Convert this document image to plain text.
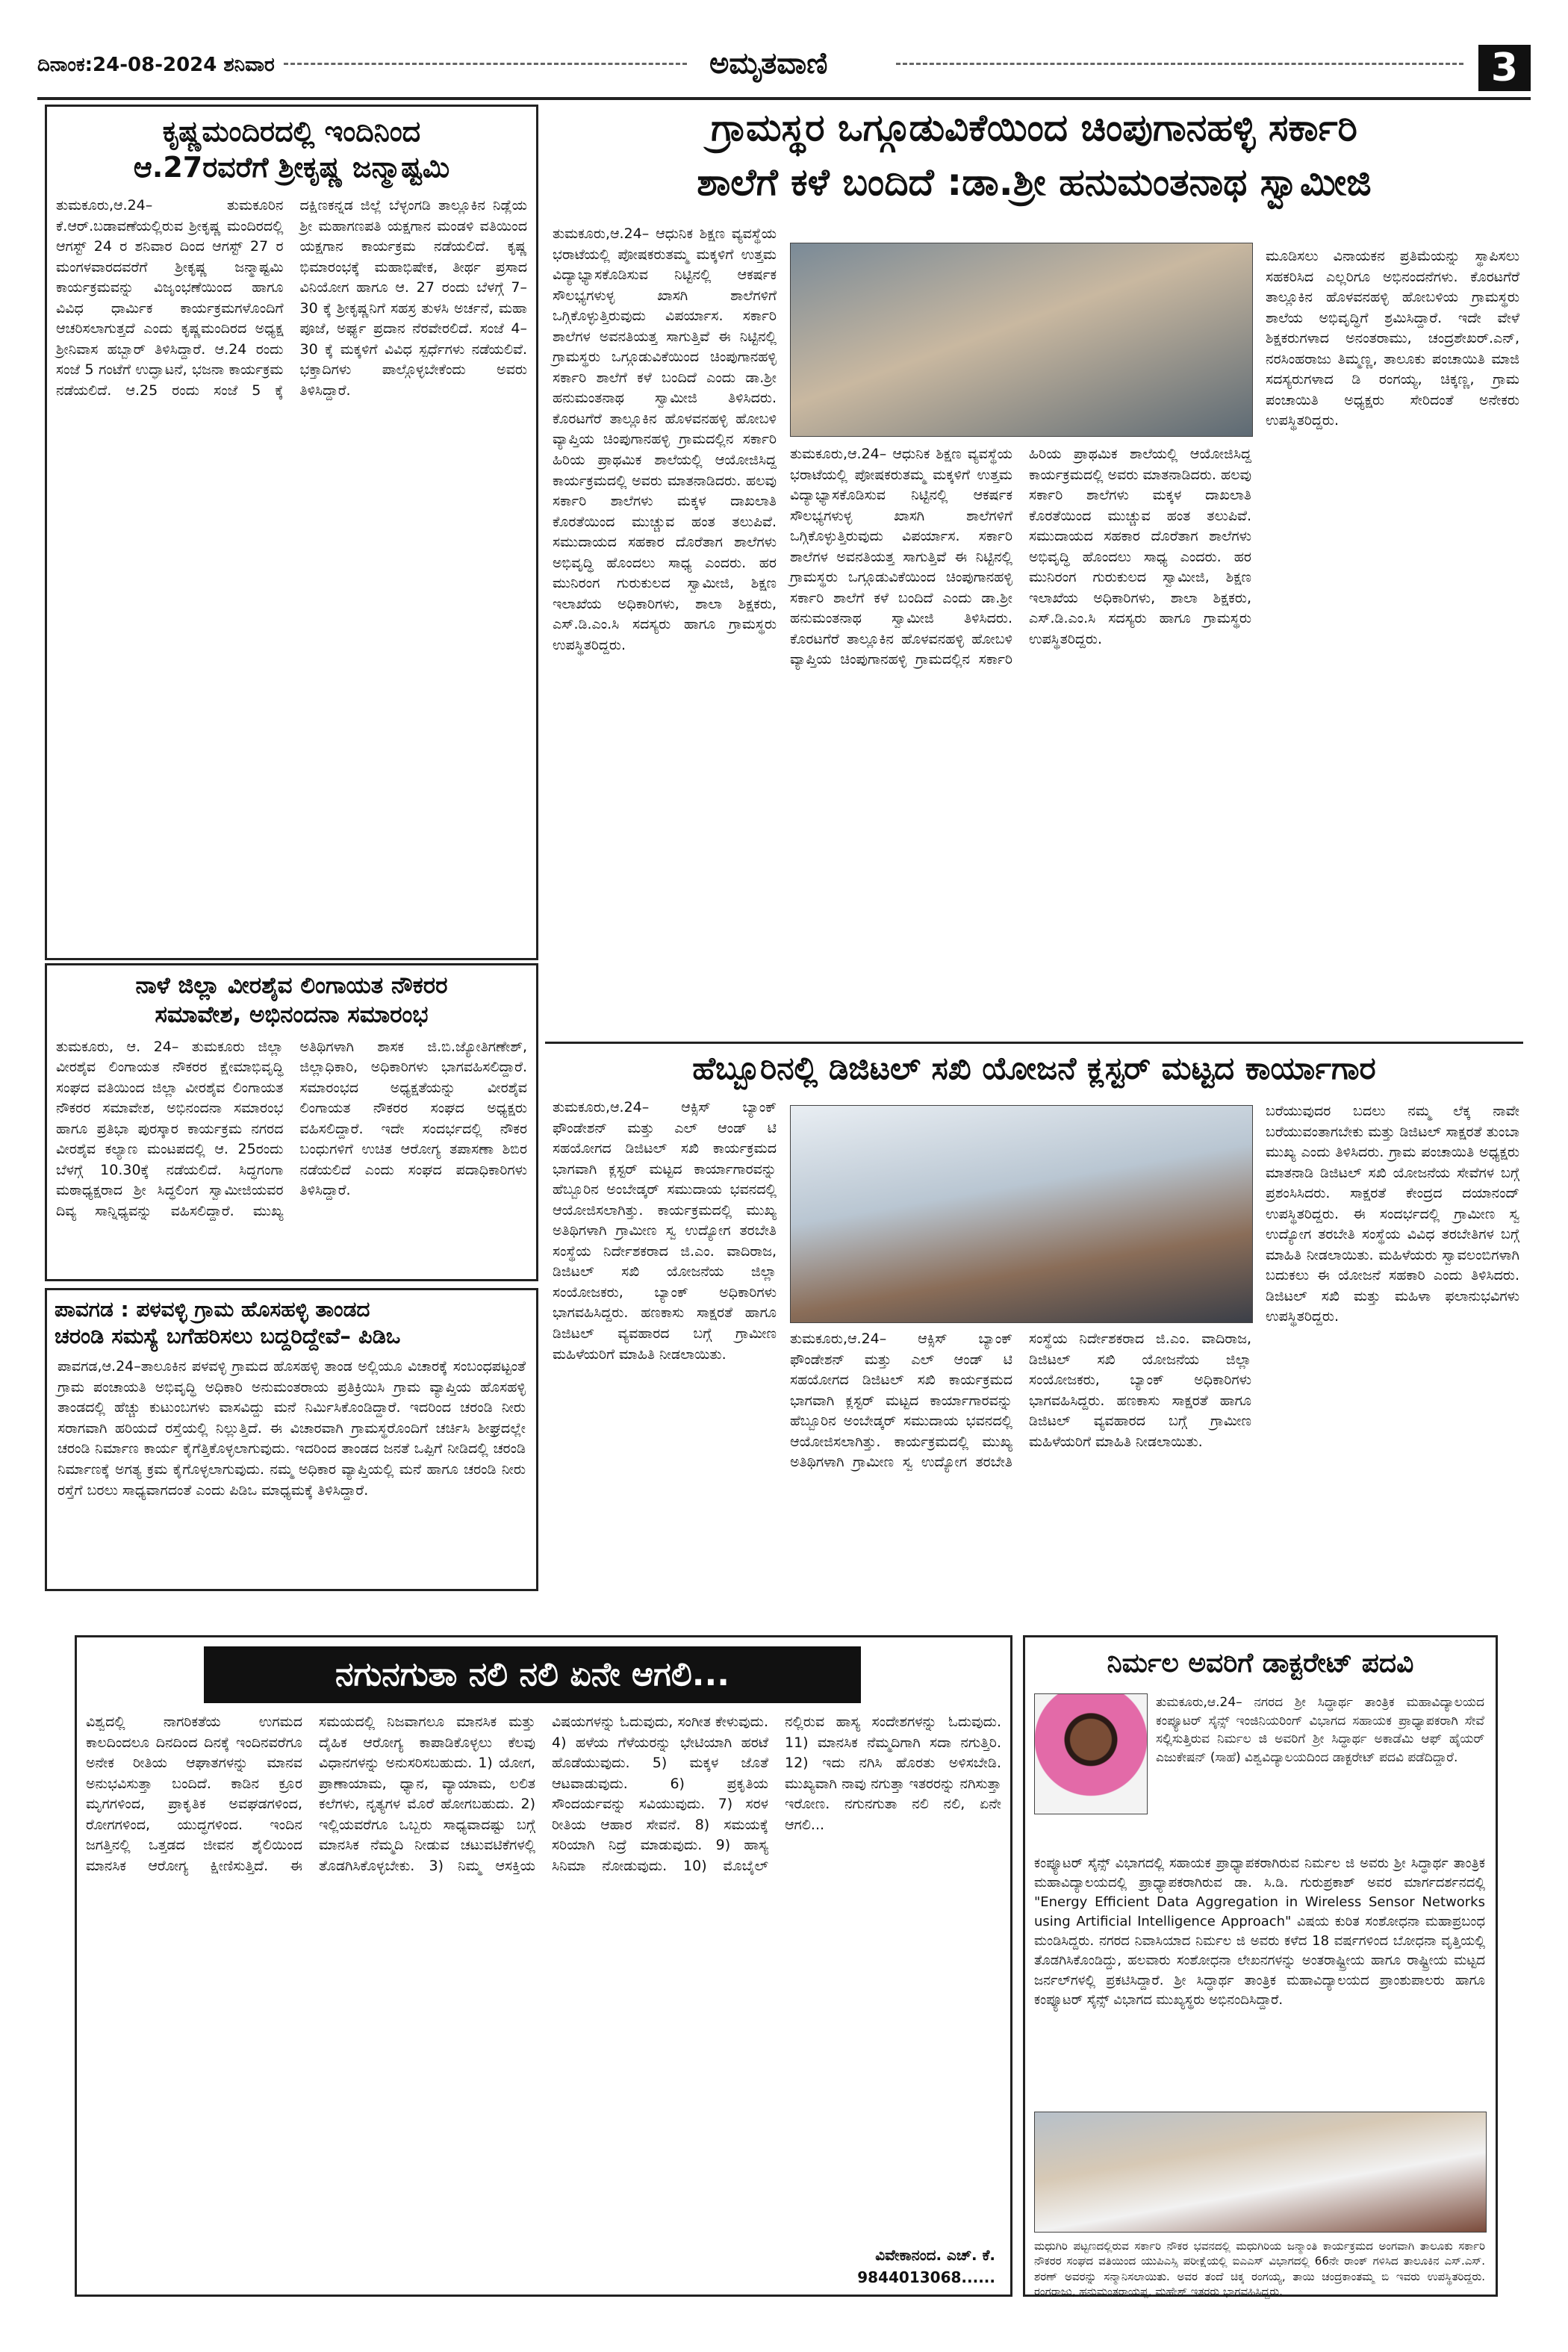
ದಿನಾಂಕ:24-08-2024 ಶನಿವಾರ	ಅಮೃತವಾಣಿ	3
ಕೃಷ್ಣಮಂದಿರದಲ್ಲಿ ಇಂದಿನಿಂದ
ಆ.27ರವರೆಗೆ ಶ್ರೀಕೃಷ್ಣ ಜನ್ಮಾಷ್ಟಮಿ
ತುಮಕೂರು,ಆ.24– ತುಮಕೂರಿನ ಕೆ.ಆರ್.ಬಡಾವಣೆಯಲ್ಲಿರುವ ಶ್ರೀಕೃಷ್ಣ ಮಂದಿರದಲ್ಲಿ ಆಗಸ್ಟ್ 24 ರ ಶನಿವಾರ ದಿಂದ ಆಗಸ್ಟ್ 27 ರ ಮಂಗಳವಾರದವರೆಗೆ ಶ್ರೀಕೃಷ್ಣ ಜನ್ಮಾಷ್ಟಮಿ ಕಾರ್ಯಕ್ರಮವನ್ನು ವಿಜೃಂಭಣೆಯಿಂದ ಹಾಗೂ ವಿವಿಧ ಧಾರ್ಮಿಕ ಕಾರ್ಯಕ್ರಮಗಳೊಂದಿಗೆ ಆಚರಿಸಲಾಗುತ್ತದೆ ಎಂದು ಕೃಷ್ಣಮಂದಿರದ ಅಧ್ಯಕ್ಷ ಶ್ರೀನಿವಾಸ ಹಬ್ಬಾರ್ ತಿಳಿಸಿದ್ದಾರೆ. ಆ.24 ರಂದು ಸಂಜೆ 5 ಗಂಟೆಗೆ ಉದ್ಘಾಟನೆ, ಭಜನಾ ಕಾರ್ಯಕ್ರಮ ನಡೆಯಲಿದೆ. ಆ.25 ರಂದು ಸಂಜೆ 5 ಕ್ಕೆ ದಕ್ಷಿಣಕನ್ನಡ ಜಿಲ್ಲೆ ಬೆಳ್ಳಂಗಡಿ ತಾಲ್ಲೂಕಿನ ನಿಡ್ಲೆಯ ಶ್ರೀ ಮಹಾಗಣಪತಿ ಯಕ್ಷಗಾನ ಮಂಡಳಿ ವತಿಯಿಂದ ಯಕ್ಷಗಾನ ಕಾರ್ಯಕ್ರಮ ನಡೆಯಲಿದೆ. ಕೃಷ್ಣ ಭಿಮಾರಂಭಕ್ಕೆ ಮಹಾಭಿಷೇಕ, ತೀರ್ಥ ಪ್ರಸಾದ ವಿನಿಯೋಗ ಹಾಗೂ ಆ. 27 ರಂದು ಬೆಳಗ್ಗೆ 7–30 ಕ್ಕೆ ಶ್ರೀಕೃಷ್ಣನಿಗೆ ಸಹಸ್ರ ತುಳಸಿ ಅರ್ಚನೆ, ಮಹಾ ಪೂಜೆ, ಅರ್ಘ್ಯ ಪ್ರದಾನ ನೆರವೇರಲಿದೆ. ಸಂಜೆ 4–30 ಕ್ಕೆ ಮಕ್ಕಳಿಗೆ ವಿವಿಧ ಸ್ಪರ್ಧೆಗಳು ನಡೆಯಲಿವೆ. ಭಕ್ತಾದಿಗಳು ಪಾಲ್ಗೊಳ್ಳಬೇಕೆಂದು ಅವರು ತಿಳಿಸಿದ್ದಾರೆ.
ನಾಳೆ ಜಿಲ್ಲಾ ವೀರಶೈವ ಲಿಂಗಾಯತ ನೌಕರರ
ಸಮಾವೇಶ, ಅಭಿನಂದನಾ ಸಮಾರಂಭ
ತುಮಕೂರು, ಆ. 24– ತುಮಕೂರು ಜಿಲ್ಲಾ ವೀರಶೈವ ಲಿಂಗಾಯತ ನೌಕರರ ಕ್ಷೇಮಾಭಿವೃದ್ಧಿ ಸಂಘದ ವತಿಯಿಂದ ಜಿಲ್ಲಾ ವೀರಶೈವ ಲಿಂಗಾಯತ ನೌಕರರ ಸಮಾವೇಶ, ಅಭಿನಂದನಾ ಸಮಾರಂಭ ಹಾಗೂ ಪ್ರತಿಭಾ ಪುರಸ್ಕಾರ ಕಾರ್ಯಕ್ರಮ ನಗರದ ವೀರಶೈವ ಕಲ್ಯಾಣ ಮಂಟಪದಲ್ಲಿ ಆ. 25ರಂದು ಬೆಳಗ್ಗೆ 10.30ಕ್ಕೆ ನಡೆಯಲಿದೆ. ಸಿದ್ಧಗಂಗಾ ಮಠಾಧ್ಯಕ್ಷರಾದ ಶ್ರೀ ಸಿದ್ಧಲಿಂಗ ಸ್ವಾಮೀಜಿಯವರ ದಿವ್ಯ ಸಾನ್ನಿಧ್ಯವನ್ನು ವಹಿಸಲಿದ್ದಾರೆ. ಮುಖ್ಯ ಅತಿಥಿಗಳಾಗಿ ಶಾಸಕ ಜಿ.ಬಿ.ಜ್ಯೋತಿಗಣೇಶ್, ಜಿಲ್ಲಾಧಿಕಾರಿ, ಅಧಿಕಾರಿಗಳು ಭಾಗವಹಿಸಲಿದ್ದಾರೆ. ಸಮಾರಂಭದ ಅಧ್ಯಕ್ಷತೆಯನ್ನು ವೀರಶೈವ ಲಿಂಗಾಯತ ನೌಕರರ ಸಂಘದ ಅಧ್ಯಕ್ಷರು ವಹಿಸಲಿದ್ದಾರೆ. ಇದೇ ಸಂದರ್ಭದಲ್ಲಿ ನೌಕರ ಬಂಧುಗಳಿಗೆ ಉಚಿತ ಆರೋಗ್ಯ ತಪಾಸಣಾ ಶಿಬಿರ ನಡೆಯಲಿದೆ ಎಂದು ಸಂಘದ ಪದಾಧಿಕಾರಿಗಳು ತಿಳಿಸಿದ್ದಾರೆ.
ಪಾವಗಡ : ಪಳವಳ್ಳಿ ಗ್ರಾಮ ಹೊಸಹಳ್ಳಿ ತಾಂಡದ
ಚರಂಡಿ ಸಮಸ್ಯೆ ಬಗೆಹರಿಸಲು ಬದ್ದರಿದ್ದೇವೆ– ಪಿಡಿಒ
ಪಾವಗಡ,ಆ.24–ತಾಲೂಕಿನ ಪಳವಳ್ಳಿ ಗ್ರಾಮದ ಹೊಸಹಳ್ಳಿ ತಾಂಡ ಅಲ್ಲಿಯೂ ವಿಚಾರಕ್ಕೆ ಸಂಬಂಧಪಟ್ಟಂತೆ ಗ್ರಾಮ ಪಂಚಾಯತಿ ಅಭಿವೃದ್ಧಿ ಅಧಿಕಾರಿ ಅನುಮಂತರಾಯ ಪ್ರತಿಕ್ರಿಯಿಸಿ ಗ್ರಾಮ ವ್ಯಾಪ್ತಿಯ ಹೊಸಹಳ್ಳಿ ತಾಂಡದಲ್ಲಿ ಹೆಚ್ಚು ಕುಟುಂಬಗಳು ವಾಸವಿದ್ದು ಮನೆ ನಿರ್ಮಿಸಿಕೊಂಡಿದ್ದಾರೆ. ಇದರಿಂದ ಚರಂಡಿ ನೀರು ಸರಾಗವಾಗಿ ಹರಿಯದೆ ರಸ್ತೆಯಲ್ಲಿ ನಿಲ್ಲುತ್ತಿದೆ. ಈ ವಿಚಾರವಾಗಿ ಗ್ರಾಮಸ್ಥರೊಂದಿಗೆ ಚರ್ಚಿಸಿ ಶೀಘ್ರದಲ್ಲೇ ಚರಂಡಿ ನಿರ್ಮಾಣ ಕಾರ್ಯ ಕೈಗೆತ್ತಿಕೊಳ್ಳಲಾಗುವುದು. ಇದರಿಂದ ತಾಂಡದ ಜನತೆ ಒಪ್ಪಿಗೆ ನೀಡಿದಲ್ಲಿ ಚರಂಡಿ ನಿರ್ಮಾಣಕ್ಕೆ ಅಗತ್ಯ ಕ್ರಮ ಕೈಗೊಳ್ಳಲಾಗುವುದು. ನಮ್ಮ ಅಧಿಕಾರ ವ್ಯಾಪ್ತಿಯಲ್ಲಿ ಮನೆ ಹಾಗೂ ಚರಂಡಿ ನೀರು ರಸ್ತೆಗೆ ಬರಲು ಸಾಧ್ಯವಾಗದಂತೆ ಎಂದು ಪಿಡಿಒ ಮಾಧ್ಯಮಕ್ಕೆ ತಿಳಿಸಿದ್ದಾರೆ.
ಗ್ರಾಮಸ್ಥರ ಒಗ್ಗೂಡುವಿಕೆಯಿಂದ ಚಿಂಪುಗಾನಹಳ್ಳಿ ಸರ್ಕಾರಿ
ಶಾಲೆಗೆ ಕಳೆ ಬಂದಿದೆ :ಡಾ.ಶ್ರೀ ಹನುಮಂತನಾಥ ಸ್ವಾಮೀಜಿ
ತುಮಕೂರು,ಆ.24– ಆಧುನಿಕ ಶಿಕ್ಷಣ ವ್ಯವಸ್ಥೆಯ ಭರಾಟೆಯಲ್ಲಿ ಪೋಷಕರುತಮ್ಮ ಮಕ್ಕಳಿಗೆ ಉತ್ತಮ ವಿದ್ಯಾಭ್ಯಾಸಕೊಡಿಸುವ ನಿಟ್ಟಿನಲ್ಲಿ ಆಕರ್ಷಕ ಸೌಲಭ್ಯಗಳುಳ್ಳ ಖಾಸಗಿ ಶಾಲೆಗಳಿಗೆ ಒಗ್ಗಿಕೊಳ್ಳುತ್ತಿರುವುದು ವಿಪರ್ಯಾಸ. ಸರ್ಕಾರಿ ಶಾಲೆಗಳ ಅವನತಿಯತ್ತ ಸಾಗುತ್ತಿವೆ ಈ ನಿಟ್ಟಿನಲ್ಲಿ ಗ್ರಾಮಸ್ಥರು ಒಗ್ಗೂಡುವಿಕೆಯಿಂದ ಚಿಂಪುಗಾನಹಳ್ಳಿ ಸರ್ಕಾರಿ ಶಾಲೆಗೆ ಕಳೆ ಬಂದಿದೆ ಎಂದು ಡಾ.ಶ್ರೀ ಹನುಮಂತನಾಥ ಸ್ವಾಮೀಜಿ ತಿಳಿಸಿದರು. ಕೊರಟಗೆರೆ ತಾಲ್ಲೂಕಿನ ಹೊಳವನಹಳ್ಳಿ ಹೋಬಳಿ ವ್ಯಾಪ್ತಿಯ ಚಿಂಪುಗಾನಹಳ್ಳಿ ಗ್ರಾಮದಲ್ಲಿನ ಸರ್ಕಾರಿ ಹಿರಿಯ ಪ್ರಾಥಮಿಕ ಶಾಲೆಯಲ್ಲಿ ಆಯೋಜಿಸಿದ್ದ ಕಾರ್ಯಕ್ರಮದಲ್ಲಿ ಅವರು ಮಾತನಾಡಿದರು. ಹಲವು ಸರ್ಕಾರಿ ಶಾಲೆಗಳು ಮಕ್ಕಳ ದಾಖಲಾತಿ ಕೊರತೆಯಿಂದ ಮುಚ್ಚುವ ಹಂತ ತಲುಪಿವೆ. ಸಮುದಾಯದ ಸಹಕಾರ ದೊರೆತಾಗ ಶಾಲೆಗಳು ಅಭಿವೃದ್ಧಿ ಹೊಂದಲು ಸಾಧ್ಯ ಎಂದರು. ಹರ ಮುನಿರಂಗ ಗುರುಕುಲದ ಸ್ವಾಮೀಜಿ, ಶಿಕ್ಷಣ ಇಲಾಖೆಯ ಅಧಿಕಾರಿಗಳು, ಶಾಲಾ ಶಿಕ್ಷಕರು, ಎಸ್.ಡಿ.ಎಂ.ಸಿ ಸದಸ್ಯರು ಹಾಗೂ ಗ್ರಾಮಸ್ಥರು ಉಪಸ್ಥಿತರಿದ್ದರು.
ತುಮಕೂರು,ಆ.24– ಆಧುನಿಕ ಶಿಕ್ಷಣ ವ್ಯವಸ್ಥೆಯ ಭರಾಟೆಯಲ್ಲಿ ಪೋಷಕರುತಮ್ಮ ಮಕ್ಕಳಿಗೆ ಉತ್ತಮ ವಿದ್ಯಾಭ್ಯಾಸಕೊಡಿಸುವ ನಿಟ್ಟಿನಲ್ಲಿ ಆಕರ್ಷಕ ಸೌಲಭ್ಯಗಳುಳ್ಳ ಖಾಸಗಿ ಶಾಲೆಗಳಿಗೆ ಒಗ್ಗಿಕೊಳ್ಳುತ್ತಿರುವುದು ವಿಪರ್ಯಾಸ. ಸರ್ಕಾರಿ ಶಾಲೆಗಳ ಅವನತಿಯತ್ತ ಸಾಗುತ್ತಿವೆ ಈ ನಿಟ್ಟಿನಲ್ಲಿ ಗ್ರಾಮಸ್ಥರು ಒಗ್ಗೂಡುವಿಕೆಯಿಂದ ಚಿಂಪುಗಾನಹಳ್ಳಿ ಸರ್ಕಾರಿ ಶಾಲೆಗೆ ಕಳೆ ಬಂದಿದೆ ಎಂದು ಡಾ.ಶ್ರೀ ಹನುಮಂತನಾಥ ಸ್ವಾಮೀಜಿ ತಿಳಿಸಿದರು. ಕೊರಟಗೆರೆ ತಾಲ್ಲೂಕಿನ ಹೊಳವನಹಳ್ಳಿ ಹೋಬಳಿ ವ್ಯಾಪ್ತಿಯ ಚಿಂಪುಗಾನಹಳ್ಳಿ ಗ್ರಾಮದಲ್ಲಿನ ಸರ್ಕಾರಿ ಹಿರಿಯ ಪ್ರಾಥಮಿಕ ಶಾಲೆಯಲ್ಲಿ ಆಯೋಜಿಸಿದ್ದ ಕಾರ್ಯಕ್ರಮದಲ್ಲಿ ಅವರು ಮಾತನಾಡಿದರು. ಹಲವು ಸರ್ಕಾರಿ ಶಾಲೆಗಳು ಮಕ್ಕಳ ದಾಖಲಾತಿ ಕೊರತೆಯಿಂದ ಮುಚ್ಚುವ ಹಂತ ತಲುಪಿವೆ. ಸಮುದಾಯದ ಸಹಕಾರ ದೊರೆತಾಗ ಶಾಲೆಗಳು ಅಭಿವೃದ್ಧಿ ಹೊಂದಲು ಸಾಧ್ಯ ಎಂದರು. ಹರ ಮುನಿರಂಗ ಗುರುಕುಲದ ಸ್ವಾಮೀಜಿ, ಶಿಕ್ಷಣ ಇಲಾಖೆಯ ಅಧಿಕಾರಿಗಳು, ಶಾಲಾ ಶಿಕ್ಷಕರು, ಎಸ್.ಡಿ.ಎಂ.ಸಿ ಸದಸ್ಯರು ಹಾಗೂ ಗ್ರಾಮಸ್ಥರು ಉಪಸ್ಥಿತರಿದ್ದರು.
ಮೂಡಿಸಲು ವಿನಾಯಕನ ಪ್ರತಿಮೆಯನ್ನು ಸ್ಥಾಪಿಸಲು ಸಹಕರಿಸಿದ ಎಲ್ಲರಿಗೂ ಅಭಿನಂದನೆಗಳು. ಕೊರಟಗೆರೆ ತಾಲ್ಲೂಕಿನ ಹೊಳವನಹಳ್ಳಿ ಹೋಬಳಿಯ ಗ್ರಾಮಸ್ಥರು ಶಾಲೆಯ ಅಭಿವೃದ್ಧಿಗೆ ಶ್ರಮಿಸಿದ್ದಾರೆ. ಇದೇ ವೇಳೆ ಶಿಕ್ಷಕರುಗಳಾದ ಅನಂತರಾಮು, ಚಂದ್ರಶೇಖರ್.ಎನ್, ನರಸಿಂಹರಾಜು ತಿಮ್ಮಣ್ಣ, ತಾಲೂಕು ಪಂಚಾಯಿತಿ ಮಾಜಿ ಸದಸ್ಯರುಗಳಾದ ಡಿ ರಂಗಯ್ಯ, ಚಿಕ್ಕಣ್ಣ, ಗ್ರಾಮ ಪಂಚಾಯಿತಿ ಅಧ್ಯಕ್ಷರು ಸೇರಿದಂತೆ ಅನೇಕರು ಉಪಸ್ಥಿತರಿದ್ದರು.
ಹೆಬ್ಬೂರಿನಲ್ಲಿ ಡಿಜಿಟಲ್ ಸಖಿ ಯೋಜನೆ ಕ್ಲಸ್ಟರ್ ಮಟ್ಟದ ಕಾರ್ಯಾಗಾರ
ತುಮಕೂರು,ಆ.24– ಆಕ್ಸಿಸ್ ಬ್ಯಾಂಕ್ ಫೌಂಡೇಶನ್ ಮತ್ತು ಎಲ್ ಆಂಡ್ ಟಿ ಸಹಯೋಗದ ಡಿಜಿಟಲ್ ಸಖಿ ಕಾರ್ಯಕ್ರಮದ ಭಾಗವಾಗಿ ಕ್ಲಸ್ಟರ್ ಮಟ್ಟದ ಕಾರ್ಯಾಗಾರವನ್ನು ಹೆಬ್ಬೂರಿನ ಅಂಬೇಡ್ಕರ್ ಸಮುದಾಯ ಭವನದಲ್ಲಿ ಆಯೋಜಿಸಲಾಗಿತ್ತು. ಕಾರ್ಯಕ್ರಮದಲ್ಲಿ ಮುಖ್ಯ ಅತಿಥಿಗಳಾಗಿ ಗ್ರಾಮೀಣ ಸ್ವ ಉದ್ಯೋಗ ತರಬೇತಿ ಸಂಸ್ಥೆಯ ನಿರ್ದೇಶಕರಾದ ಜಿ.ಎಂ. ವಾದಿರಾಜ, ಡಿಜಿಟಲ್ ಸಖಿ ಯೋಜನೆಯ ಜಿಲ್ಲಾ ಸಂಯೋಜಕರು, ಬ್ಯಾಂಕ್ ಅಧಿಕಾರಿಗಳು ಭಾಗವಹಿಸಿದ್ದರು. ಹಣಕಾಸು ಸಾಕ್ಷರತೆ ಹಾಗೂ ಡಿಜಿಟಲ್ ವ್ಯವಹಾರದ ಬಗ್ಗೆ ಗ್ರಾಮೀಣ ಮಹಿಳೆಯರಿಗೆ ಮಾಹಿತಿ ನೀಡಲಾಯಿತು.
ತುಮಕೂರು,ಆ.24– ಆಕ್ಸಿಸ್ ಬ್ಯಾಂಕ್ ಫೌಂಡೇಶನ್ ಮತ್ತು ಎಲ್ ಆಂಡ್ ಟಿ ಸಹಯೋಗದ ಡಿಜಿಟಲ್ ಸಖಿ ಕಾರ್ಯಕ್ರಮದ ಭಾಗವಾಗಿ ಕ್ಲಸ್ಟರ್ ಮಟ್ಟದ ಕಾರ್ಯಾಗಾರವನ್ನು ಹೆಬ್ಬೂರಿನ ಅಂಬೇಡ್ಕರ್ ಸಮುದಾಯ ಭವನದಲ್ಲಿ ಆಯೋಜಿಸಲಾಗಿತ್ತು. ಕಾರ್ಯಕ್ರಮದಲ್ಲಿ ಮುಖ್ಯ ಅತಿಥಿಗಳಾಗಿ ಗ್ರಾಮೀಣ ಸ್ವ ಉದ್ಯೋಗ ತರಬೇತಿ ಸಂಸ್ಥೆಯ ನಿರ್ದೇಶಕರಾದ ಜಿ.ಎಂ. ವಾದಿರಾಜ, ಡಿಜಿಟಲ್ ಸಖಿ ಯೋಜನೆಯ ಜಿಲ್ಲಾ ಸಂಯೋಜಕರು, ಬ್ಯಾಂಕ್ ಅಧಿಕಾರಿಗಳು ಭಾಗವಹಿಸಿದ್ದರು. ಹಣಕಾಸು ಸಾಕ್ಷರತೆ ಹಾಗೂ ಡಿಜಿಟಲ್ ವ್ಯವಹಾರದ ಬಗ್ಗೆ ಗ್ರಾಮೀಣ ಮಹಿಳೆಯರಿಗೆ ಮಾಹಿತಿ ನೀಡಲಾಯಿತು.
ಬರೆಯುವುದರ ಬದಲು ನಮ್ಮ ಲೆಕ್ಕ ನಾವೇ ಬರೆಯುವಂತಾಗಬೇಕು ಮತ್ತು ಡಿಜಿಟಲ್ ಸಾಕ್ಷರತೆ ತುಂಬಾ ಮುಖ್ಯ ಎಂದು ತಿಳಿಸಿದರು. ಗ್ರಾಮ ಪಂಚಾಯಿತಿ ಅಧ್ಯಕ್ಷರು ಮಾತನಾಡಿ ಡಿಜಿಟಲ್ ಸಖಿ ಯೋಜನೆಯ ಸೇವೆಗಳ ಬಗ್ಗೆ ಪ್ರಶಂಸಿಸಿದರು. ಸಾಕ್ಷರತೆ ಕೇಂದ್ರದ ದಯಾನಂದ್ ಉಪಸ್ಥಿತರಿದ್ದರು. ಈ ಸಂದರ್ಭದಲ್ಲಿ ಗ್ರಾಮೀಣ ಸ್ವ ಉದ್ಯೋಗ ತರಬೇತಿ ಸಂಸ್ಥೆಯ ವಿವಿಧ ತರಬೇತಿಗಳ ಬಗ್ಗೆ ಮಾಹಿತಿ ನೀಡಲಾಯಿತು. ಮಹಿಳೆಯರು ಸ್ವಾವಲಂಬಿಗಳಾಗಿ ಬದುಕಲು ಈ ಯೋಜನೆ ಸಹಕಾರಿ ಎಂದು ತಿಳಿಸಿದರು. ಡಿಜಿಟಲ್ ಸಖಿ ಮತ್ತು ಮಹಿಳಾ ಫಲಾನುಭವಿಗಳು ಉಪಸ್ಥಿತರಿದ್ದರು.
ನಗುನಗುತಾ ನಲಿ ನಲಿ ಏನೇ ಆಗಲಿ...
ವಿಶ್ವದಲ್ಲಿ ನಾಗರಿಕತೆಯ ಉಗಮದ ಕಾಲದಿಂದಲೂ ದಿನದಿಂದ ದಿನಕ್ಕೆ ಇಂದಿನವರೆಗೂ ಅನೇಕ ರೀತಿಯ ಆಘಾತಗಳನ್ನು ಮಾನವ ಅನುಭವಿಸುತ್ತಾ ಬಂದಿದೆ. ಕಾಡಿನ ಕ್ರೂರ ಮೃಗಗಳಿಂದ, ಪ್ರಾಕೃತಿಕ ಅವಘಡಗಳಿಂದ, ರೋಗಗಳಿಂದ, ಯುದ್ಧಗಳಿಂದ. ಇಂದಿನ ಜಗತ್ತಿನಲ್ಲಿ ಒತ್ತಡದ ಜೀವನ ಶೈಲಿಯಿಂದ ಮಾನಸಿಕ ಆರೋಗ್ಯ ಕ್ಷೀಣಿಸುತ್ತಿದೆ. ಈ ಸಮಯದಲ್ಲಿ ನಿಜವಾಗಲೂ ಮಾನಸಿಕ ಮತ್ತು ದೈಹಿಕ ಆರೋಗ್ಯ ಕಾಪಾಡಿಕೊಳ್ಳಲು ಕೆಲವು ವಿಧಾನಗಳನ್ನು ಅನುಸರಿಸಬಹುದು. 1) ಯೋಗ, ಪ್ರಾಣಾಯಾಮ, ಧ್ಯಾನ, ವ್ಯಾಯಾಮ, ಲಲಿತ ಕಲೆಗಳು, ನೃತ್ಯಗಳ ಮೊರೆ ಹೋಗಬಹುದು. 2) ಇಲ್ಲಿಯವರೆಗೂ ಒಬ್ಬರು ಸಾಧ್ಯವಾದಷ್ಟು ಬಗ್ಗೆ ಮಾನಸಿಕ ನೆಮ್ಮದಿ ನೀಡುವ ಚಟುವಟಿಕೆಗಳಲ್ಲಿ ತೊಡಗಿಸಿಕೊಳ್ಳಬೇಕು. 3) ನಿಮ್ಮ ಆಸಕ್ತಿಯ ವಿಷಯಗಳನ್ನು ಓದುವುದು, ಸಂಗೀತ ಕೇಳುವುದು. 4) ಹಳೆಯ ಗೆಳೆಯರನ್ನು ಭೇಟಿಯಾಗಿ ಹರಟೆ ಹೊಡೆಯುವುದು. 5) ಮಕ್ಕಳ ಜೊತೆ ಆಟವಾಡುವುದು. 6) ಪ್ರಕೃತಿಯ ಸೌಂದರ್ಯವನ್ನು ಸವಿಯುವುದು. 7) ಸರಳ ರೀತಿಯ ಆಹಾರ ಸೇವನೆ. 8) ಸಮಯಕ್ಕೆ ಸರಿಯಾಗಿ ನಿದ್ರೆ ಮಾಡುವುದು. 9) ಹಾಸ್ಯ ಸಿನಿಮಾ ನೋಡುವುದು. 10) ಮೊಬೈಲ್ ನಲ್ಲಿರುವ ಹಾಸ್ಯ ಸಂದೇಶಗಳನ್ನು ಓದುವುದು. 11) ಮಾನಸಿಕ ನೆಮ್ಮದಿಗಾಗಿ ಸದಾ ನಗುತ್ತಿರಿ. 12) ಇದು ನಗಿಸಿ ಹೊರತು ಅಳಿಸಬೇಡಿ. ಮುಖ್ಯವಾಗಿ ನಾವು ನಗುತ್ತಾ ಇತರರನ್ನು ನಗಿಸುತ್ತಾ ಇರೋಣ. ನಗುನಗುತಾ ನಲಿ ನಲಿ, ಏನೇ ಆಗಲಿ...
ವಿವೇಕಾನಂದ. ಎಚ್. ಕೆ.
9844013068......
ನಿರ್ಮಲ ಅವರಿಗೆ ಡಾಕ್ಟರೇಟ್ ಪದವಿ
ತುಮಕೂರು,ಆ.24– ನಗರದ ಶ್ರೀ ಸಿದ್ಧಾರ್ಥ ತಾಂತ್ರಿಕ ಮಹಾವಿದ್ಯಾಲಯದ ಕಂಪ್ಯೂಟರ್ ಸೈನ್ಸ್ ಇಂಜಿನಿಯರಿಂಗ್ ವಿಭಾಗದ ಸಹಾಯಕ ಪ್ರಾಧ್ಯಾಪಕರಾಗಿ ಸೇವೆ ಸಲ್ಲಿಸುತ್ತಿರುವ ನಿರ್ಮಲ ಜಿ ಅವರಿಗೆ ಶ್ರೀ ಸಿದ್ಧಾರ್ಥ ಅಕಾಡೆಮಿ ಆಫ್ ಹೈಯರ್ ಎಜುಕೇಷನ್ (ಸಾಹೆ) ವಿಶ್ವವಿದ್ಯಾಲಯದಿಂದ ಡಾಕ್ಟರೇಟ್ ಪದವಿ ಪಡೆದಿದ್ದಾರೆ.
ಕಂಪ್ಯೂಟರ್ ಸೈನ್ಸ್ ವಿಭಾಗದಲ್ಲಿ ಸಹಾಯಕ ಪ್ರಾಧ್ಯಾಪಕರಾಗಿರುವ ನಿರ್ಮಲ ಜಿ ಅವರು ಶ್ರೀ ಸಿದ್ಧಾರ್ಥ ತಾಂತ್ರಿಕ ಮಹಾವಿದ್ಯಾಲಯದಲ್ಲಿ ಪ್ರಾಧ್ಯಾಪಕರಾಗಿರುವ ಡಾ. ಸಿ.ಡಿ. ಗುರುಪ್ರಕಾಶ್ ಅವರ ಮಾರ್ಗದರ್ಶನದಲ್ಲಿ "Energy Efficient Data Aggregation in Wireless Sensor Networks using Artificial Intelligence Approach" ವಿಷಯ ಕುರಿತ ಸಂಶೋಧನಾ ಮಹಾಪ್ರಬಂಧ ಮಂಡಿಸಿದ್ದರು. ನಗರದ ನಿವಾಸಿಯಾದ ನಿರ್ಮಲ ಜಿ ಅವರು ಕಳೆದ 18 ವರ್ಷಗಳಿಂದ ಬೋಧನಾ ವೃತ್ತಿಯಲ್ಲಿ ತೊಡಗಿಸಿಕೊಂಡಿದ್ದು, ಹಲವಾರು ಸಂಶೋಧನಾ ಲೇಖನಗಳನ್ನು ಅಂತರಾಷ್ಟ್ರೀಯ ಹಾಗೂ ರಾಷ್ಟ್ರೀಯ ಮಟ್ಟದ ಜರ್ನಲ್‌ಗಳಲ್ಲಿ ಪ್ರಕಟಿಸಿದ್ದಾರೆ. ಶ್ರೀ ಸಿದ್ಧಾರ್ಥ ತಾಂತ್ರಿಕ ಮಹಾವಿದ್ಯಾಲಯದ ಪ್ರಾಂಶುಪಾಲರು ಹಾಗೂ ಕಂಪ್ಯೂಟರ್ ಸೈನ್ಸ್ ವಿಭಾಗದ ಮುಖ್ಯಸ್ಥರು ಅಭಿನಂದಿಸಿದ್ದಾರೆ.
ಮಧುಗಿರಿ ಪಟ್ಟಣದಲ್ಲಿರುವ ಸರ್ಕಾರಿ ನೌಕರ ಭವನದಲ್ಲಿ ಮಧುಗಿರಿಯ ಜನ್ಮಾಂತಿ ಕಾರ್ಯಕ್ರಮದ ಅಂಗವಾಗಿ ತಾಲೂಕು ಸರ್ಕಾರಿ ನೌಕರರ ಸಂಘದ ವತಿಯಿಂದ ಯುಪಿಎಸ್ಸಿ ಪರೀಕ್ಷೆಯಲ್ಲಿ ಐಎಎಸ್ ವಿಭಾಗದಲ್ಲಿ 66ನೇ ರಾಂಕ್ ಗಳಿಸಿದ ತಾಲೂಕಿನ ಎಸ್.ಎಸ್. ಶರಣ್ ಅವರನ್ನು ಸನ್ಮಾನಿಸಲಾಯಿತು. ಅವರ ತಂದೆ ಚಿಕ್ಕ ರಂಗಯ್ಯ, ತಾಯಿ ಚಂದ್ರಕಾಂತಮ್ಮ ಬಿ ಇವರು ಉಪಸ್ಥಿತರಿದ್ದರು. ರಂಗರಾಜು, ಹನುಮಂತರಾಯಪ್ಪ, ಮಹೇಶ್ ಇತರರು ಭಾಗವಹಿಸಿದ್ದರು.
